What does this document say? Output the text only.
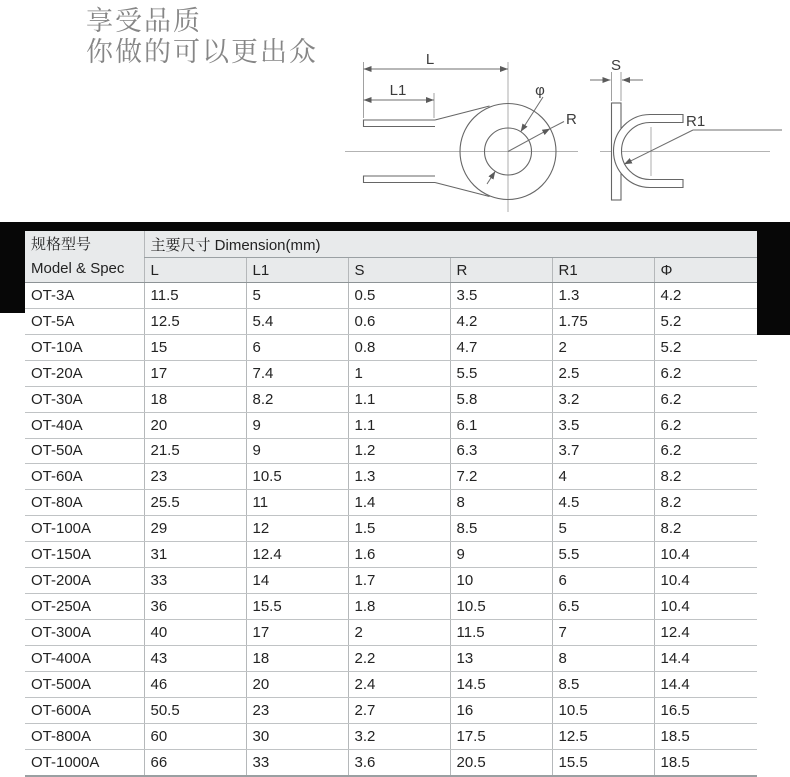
享受品质
你做的可以更出众	L
L1	φ
R
S
R1
规格型号
Model & Spec	主要尺寸 Dimension(mm)					
	L	L1	S	R	R1	Φ
OT-3A	11.5	5	0.5	3.5	1.3	4.2
OT-5A	12.5	5.4	0.6	4.2	1.75	5.2
OT-10A	15	6	0.8	4.7	2	5.2
OT-20A	17	7.4	1	5.5	2.5	6.2
OT-30A	18	8.2	1.1	5.8	3.2	6.2
OT-40A	20	9	1.1	6.1	3.5	6.2
OT-50A	21.5	9	1.2	6.3	3.7	6.2
OT-60A	23	10.5	1.3	7.2	4	8.2
OT-80A	25.5	11	1.4	8	4.5	8.2
OT-100A	29	12	1.5	8.5	5	8.2
OT-150A	31	12.4	1.6	9	5.5	10.4
OT-200A	33	14	1.7	10	6	10.4
OT-250A	36	15.5	1.8	10.5	6.5	10.4
OT-300A	40	17	2	11.5	7	12.4
OT-400A	43	18	2.2	13	8	14.4
OT-500A	46	20	2.4	14.5	8.5	14.4
OT-600A	50.5	23	2.7	16	10.5	16.5
OT-800A	60	30	3.2	17.5	12.5	18.5
OT-1000A	66	33	3.6	20.5	15.5	18.5
